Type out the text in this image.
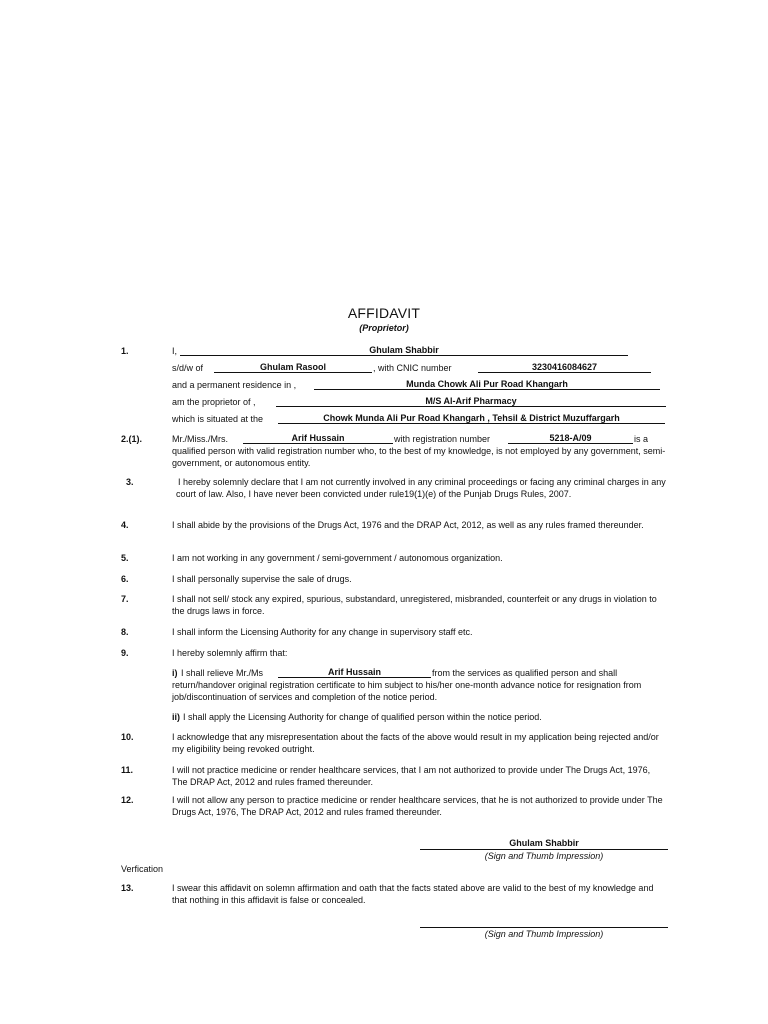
AFFIDAVIT
(Proprietor)
1.	I,	Ghulam Shabbir
s/d/w of	Ghulam Rasool	, with CNIC number	3230416084627
and a permanent residence in ,	Munda Chowk Ali Pur Road Khangarh
am the proprietor of ,	M/S Al-Arif Pharmacy
which is situated at the	Chowk Munda Ali Pur Road Khangarh , Tehsil & District Muzuffargarh
2.(1).	Mr./Miss./Mrs.	Arif Hussain	with registration number	5218-A/09	is a
qualified person with valid registration number who, to the best of my knowledge, is not employed by any government, semi-government, or autonomous entity.
3.	I hereby solemnly declare that I am not currently involved in any criminal proceedings or facing any criminal charges in any court of law. Also, I have never been convicted under rule19(1)(e) of the Punjab Drugs Rules, 2007.
4.	I shall abide by the provisions of the Drugs Act, 1976 and the DRAP Act, 2012, as well as any rules framed thereunder.
5.	I am not working in any government / semi-government / autonomous organization.
6.	I shall personally supervise the sale of drugs.
7.	I shall not sell/ stock any expired, spurious, substandard, unregistered, misbranded, counterfeit or any drugs in violation to the drugs laws in force.
8.	I shall inform the Licensing Authority for any change in supervisory staff etc.
9.	I hereby solemnly affirm that:
i) I shall relieve Mr./Ms	Arif Hussain	from the services as qualified person and shall
return/handover original registration certificate to him subject to his/her one-month advance notice for resignation from job/discontinuation of services and completion of the notice period.
ii) I shall apply the Licensing Authority for change of qualified person within the notice period.
10.	I acknowledge that any misrepresentation about the facts of the above would result in my application being rejected and/or my eligibility being revoked outright.
11.	I will not practice medicine or render healthcare services, that I am not authorized to provide under The Drugs Act, 1976, The DRAP Act, 2012 and rules framed thereunder.
12.	I will not allow any person to practice medicine or render healthcare services, that he is not authorized to provide under The Drugs Act, 1976, The DRAP Act, 2012 and rules framed thereunder.
Ghulam Shabbir
(Sign and Thumb Impression)
Verfication
13.	I swear this affidavit on solemn affirmation and oath that the facts stated above are valid to the best of my knowledge and that nothing in this affidavit is false or concealed.
(Sign and Thumb Impression)
